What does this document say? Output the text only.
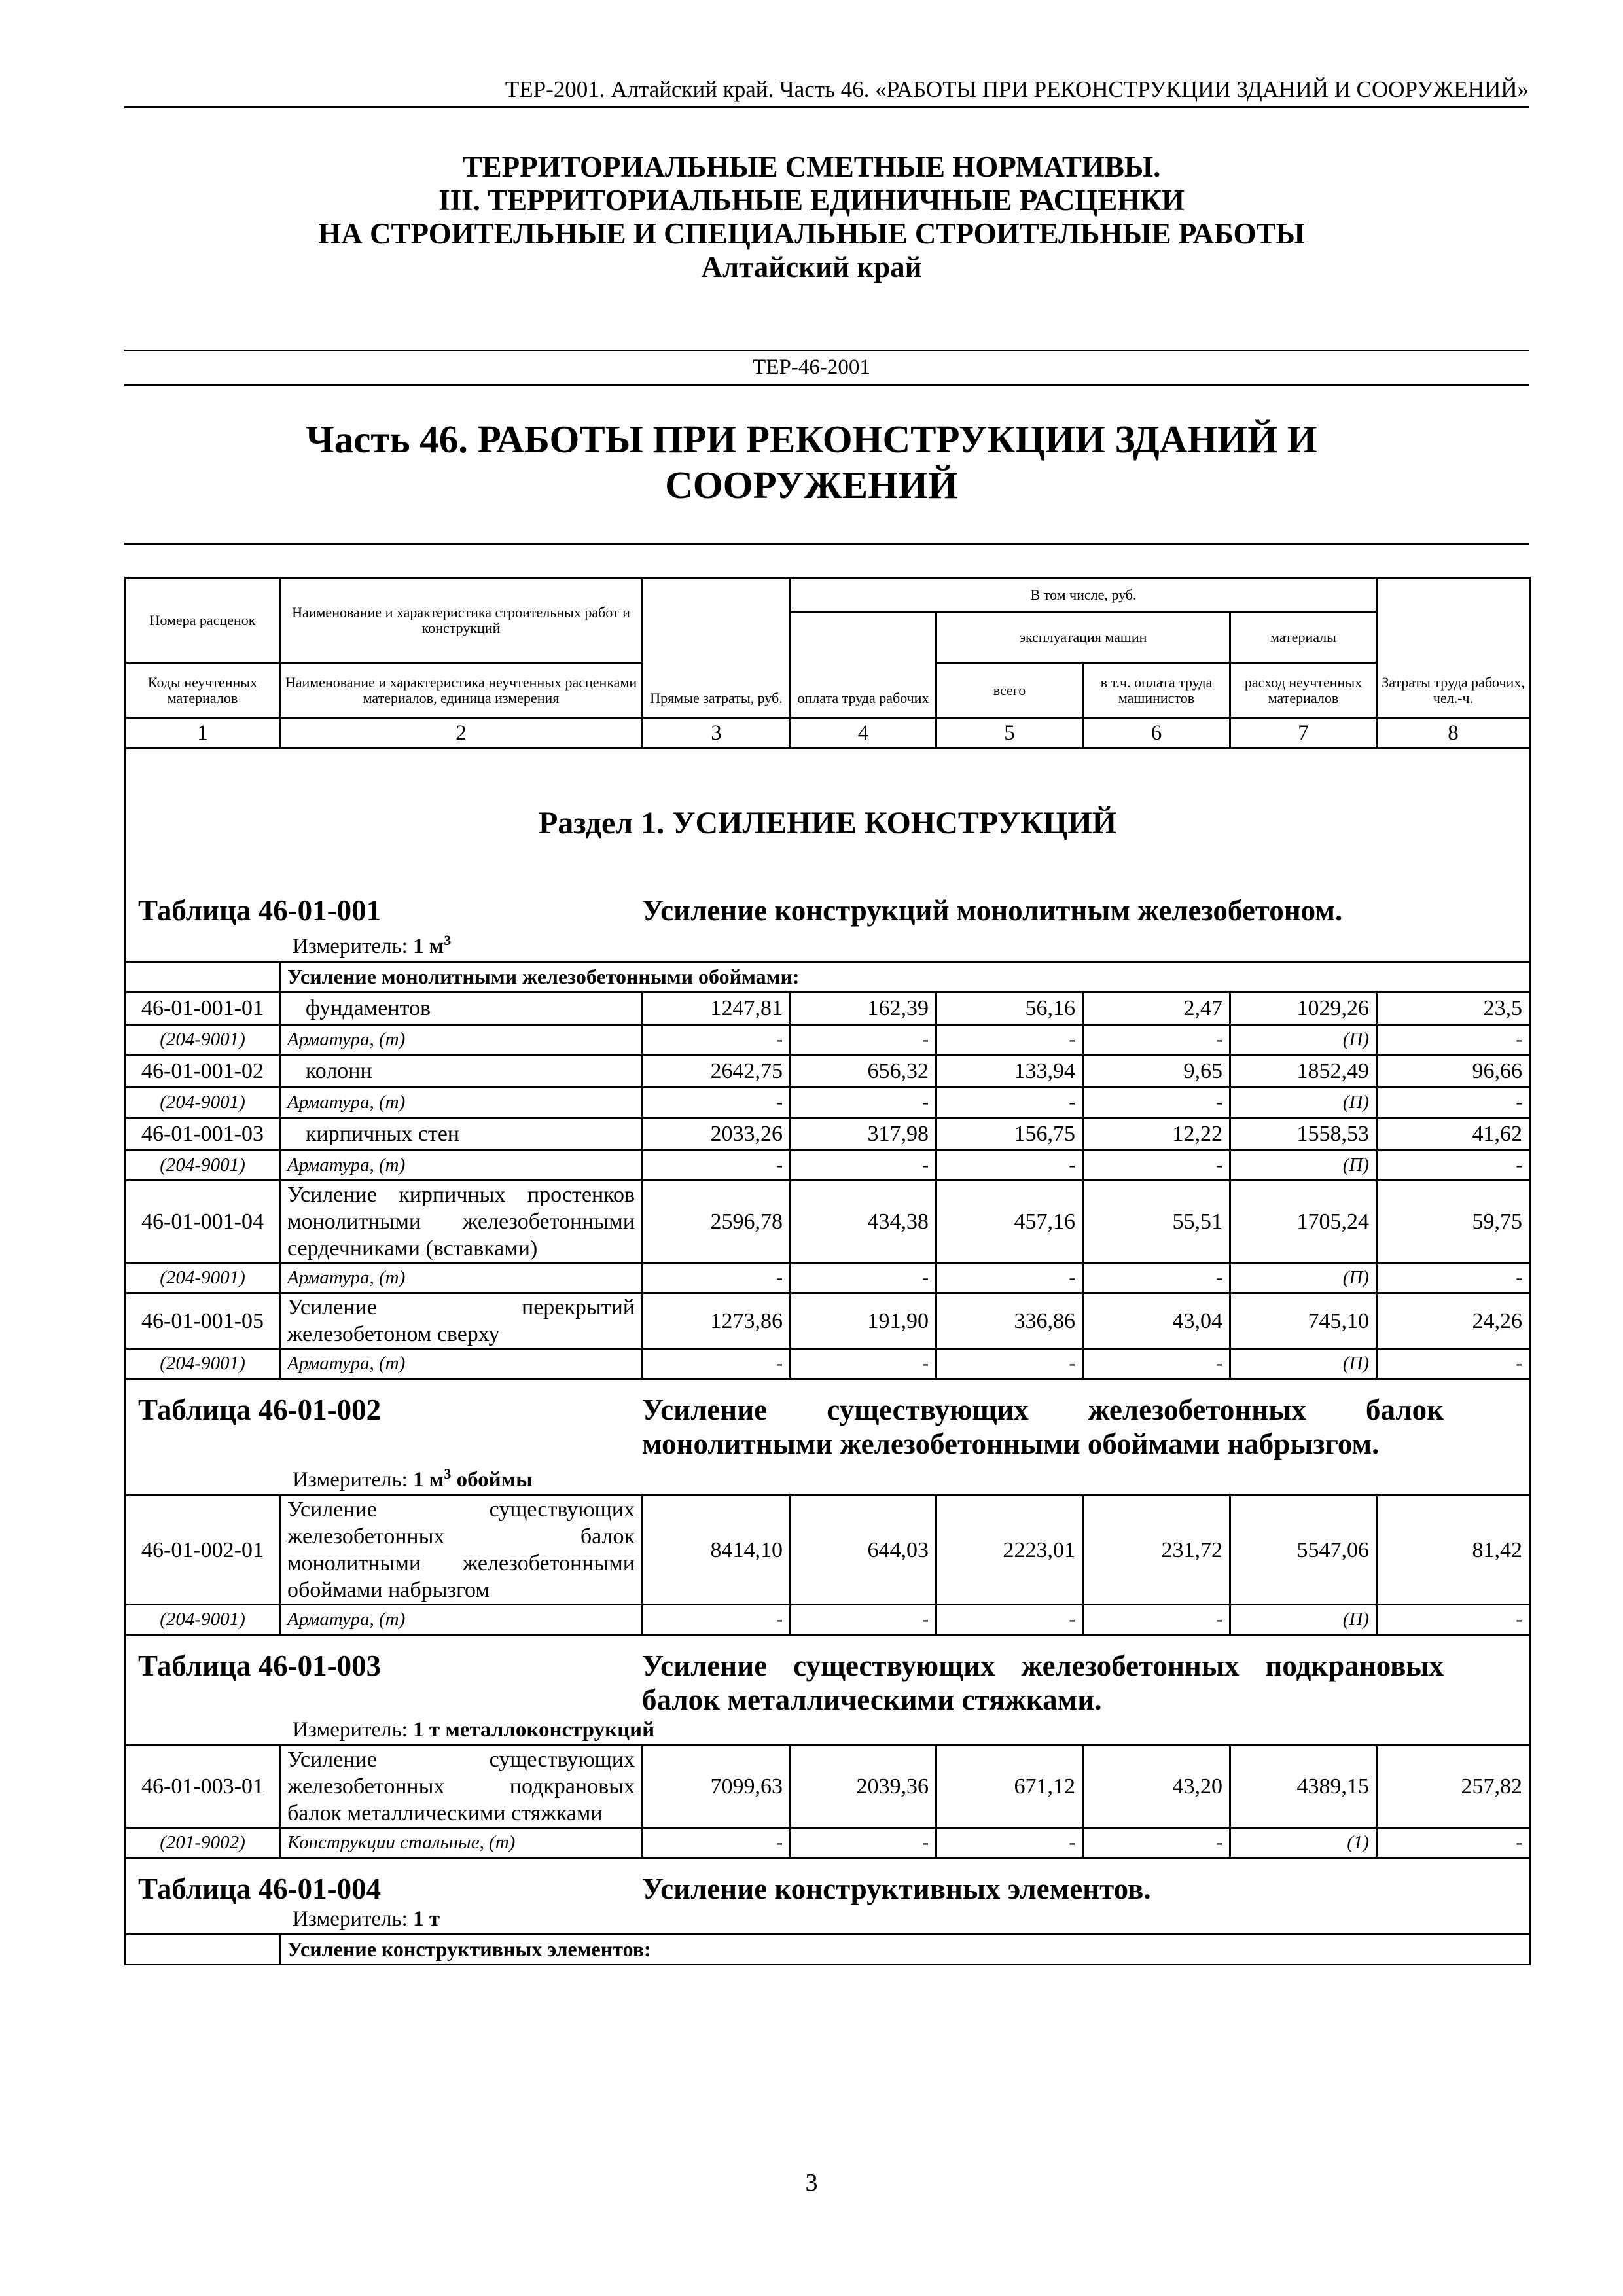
ТЕР-2001. Алтайский край. Часть 46. «РАБОТЫ ПРИ РЕКОНСТРУКЦИИ ЗДАНИЙ И СООРУЖЕНИЙ»
ТЕРРИТОРИАЛЬНЫЕ СМЕТНЫЕ НОРМАТИВЫ.
III. ТЕРРИТОРИАЛЬНЫЕ ЕДИНИЧНЫЕ РАСЦЕНКИ
НА СТРОИТЕЛЬНЫЕ И СПЕЦИАЛЬНЫЕ СТРОИТЕЛЬНЫЕ РАБОТЫ
Алтайский край
ТЕР-46-2001
Часть 46. РАБОТЫ ПРИ РЕКОНСТРУКЦИИ ЗДАНИЙ И
СООРУЖЕНИЙ
Номера расценок	Наименование и характеристика строительных работ и конструкций	Прямые затраты, руб.	В том числе, руб.				Затраты труда рабочих, чел.-ч.
			оплата труда рабочих	эксплуатация машин		материалы	
Коды неучтенных материалов	Наименование и характеристика неучтенных расценками материалов, единица измерения			всего	в т.ч. оплата труда машинистов	расход неучтенных материалов	
1	2	3	4	5	6	7	8

Раздел 1. УСИЛЕНИЕ КОНСТРУКЦИЙ
Таблица 46-01-001 Усиление конструкций монолитным железобетоном.
Измеритель: 1 $м^3$

	Усиление монолитными железобетонными обоймами:						
46-01-001-01	фундаментов	1247,81	162,39	56,16	2,47	1029,26	23,5
(204-9001)	Арматура, (т)	-	-	-	-	(П)	-
46-01-001-02	колонн	2642,75	656,32	133,94	9,65	1852,49	96,66
(204-9001)	Арматура, (т)	-	-	-	-	(П)	-
46-01-001-03	кирпичных стен	2033,26	317,98	156,75	12,22	1558,53	41,62
(204-9001)	Арматура, (т)	-	-	-	-	(П)	-
46-01-001-04	Усиление кирпичных простенков монолитными железобетонными сердечниками (вставками)	2596,78	434,38	457,16	55,51	1705,24	59,75
(204-9001)	Арматура, (т)	-	-	-	-	(П)	-
46-01-001-05	Усиление перекрытий железобетоном сверху	1273,86	191,90	336,86	43,04	745,10	24,26
(204-9001)	Арматура, (т)	-	-	-	-	(П)	-

Таблица 46-01-002 Усиление существующих железобетонных балок монолитными железобетонными обоймами набрызгом.
Измеритель: 1 $м^3$ обоймы							

46-01-002-01	Усиление существующих железобетонных балок монолитными железобетонными обоймами набрызгом	8414,10	644,03	2223,01	231,72	5547,06	81,42
(204-9001)	Арматура, (т)	-	-	-	-	(П)	-

Таблица 46-01-003 Усиление существующих железобетонных подкрановых балок металлическими стяжками.
Измеритель: 1 т металлоконструкций							

46-01-003-01	Усиление существующих железобетонных подкрановых балок металлическими стяжками	7099,63	2039,36	671,12	43,20	4389,15	257,82
(201-9002)	Конструкции стальные, (т)	-	-	-	-	(1)	-

Таблица 46-01-004 Усиление конструктивных элементов.
Измеритель: 1 т							

	Усиление конструктивных элементов:						
3
